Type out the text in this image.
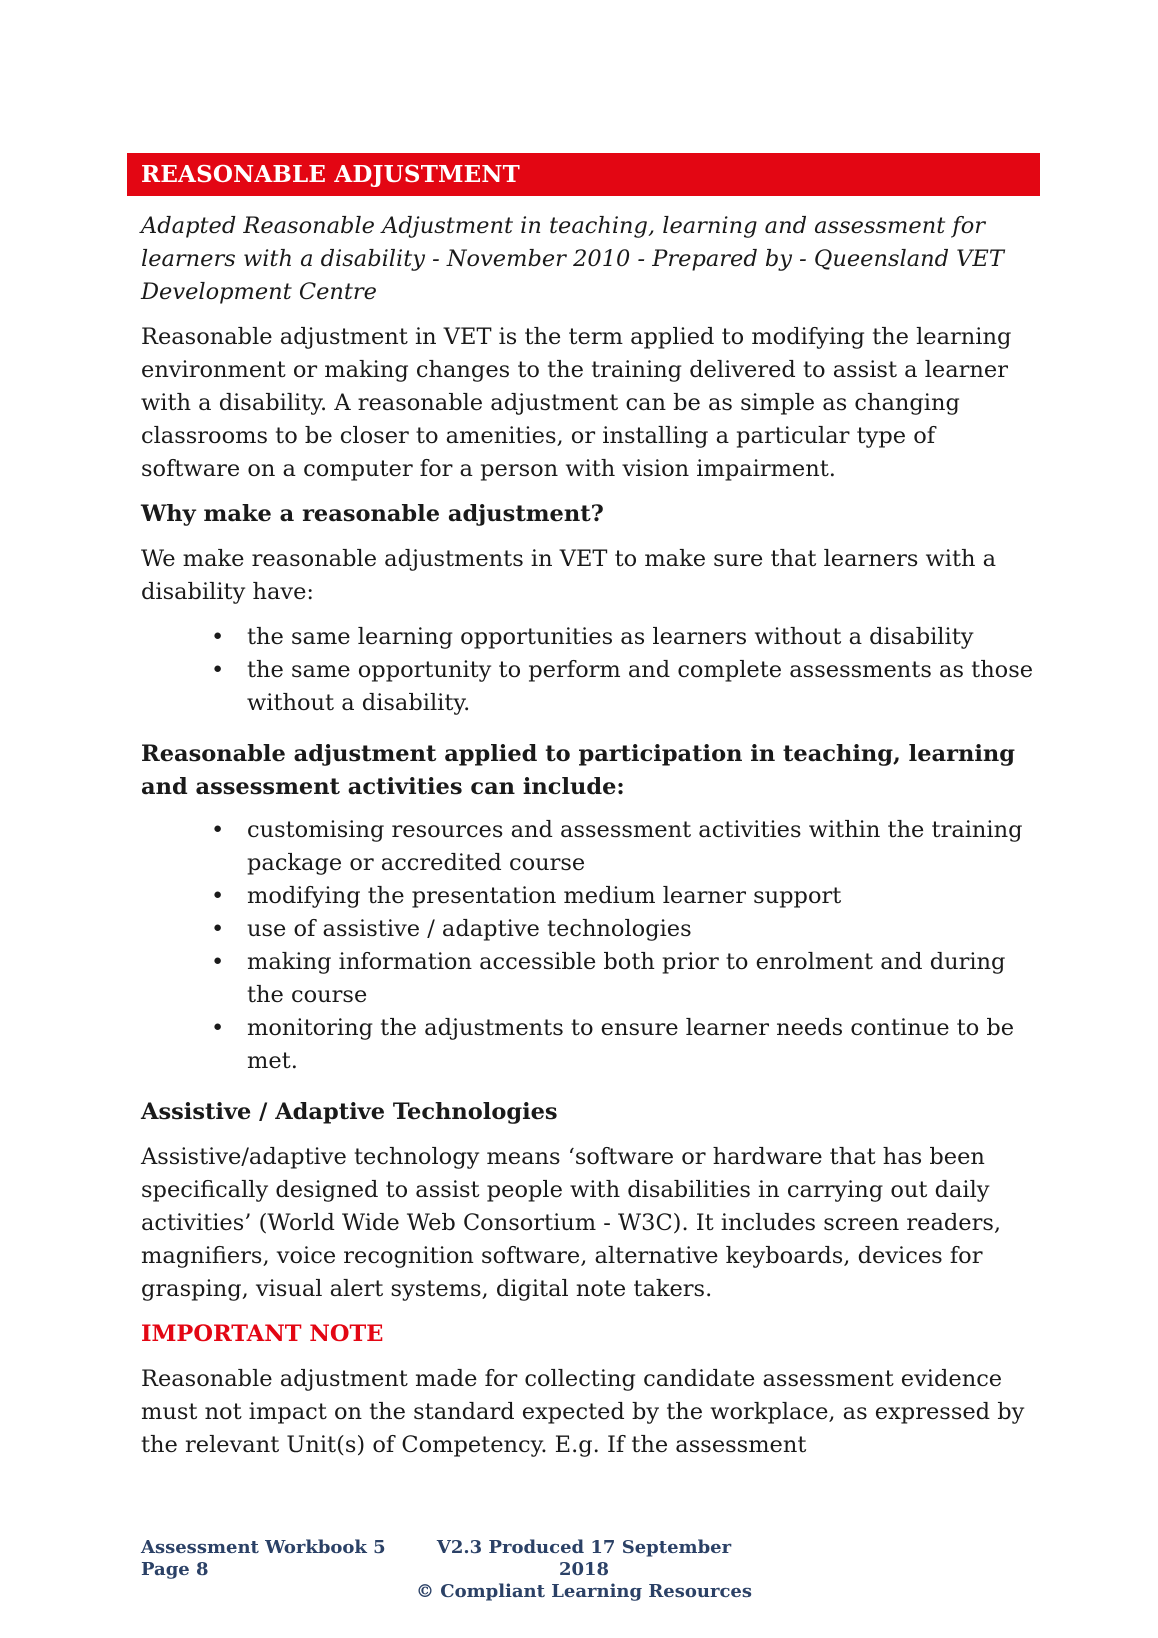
REASONABLE ADJUSTMENT

Adapted Reasonable Adjustment in teaching, learning and assessment for learners with a disability - November 2010 - Prepared by - Queensland VET Development Centre

Reasonable adjustment in VET is the term applied to modifying the learning environment or making changes to the training delivered to assist a learner with a disability. A reasonable adjustment can be as simple as changing classrooms to be closer to amenities, or installing a particular type of software on a computer for a person with vision impairment.

Why make a reasonable adjustment?

We make reasonable adjustments in VET to make sure that learners with a disability have:

• the same learning opportunities as learners without a disability
• the same opportunity to perform and complete assessments as those without a disability.

Reasonable adjustment applied to participation in teaching, learning and assessment activities can include:

• customising resources and assessment activities within the training package or accredited course
• modifying the presentation medium learner support
• use of assistive / adaptive technologies
• making information accessible both prior to enrolment and during the course
• monitoring the adjustments to ensure learner needs continue to be met.

Assistive / Adaptive Technologies

Assistive/adaptive technology means ‘software or hardware that has been specifically designed to assist people with disabilities in carrying out daily activities’ (World Wide Web Consortium - W3C). It includes screen readers, magnifiers, voice recognition software, alternative keyboards, devices for grasping, visual alert systems, digital note takers.

IMPORTANT NOTE

Reasonable adjustment made for collecting candidate assessment evidence must not impact on the standard expected by the workplace, as expressed by the relevant Unit(s) of Competency. E.g. If the assessment

Assessment Workbook 5
Page 8
V2.3 Produced 17 September 2018
© Compliant Learning Resources
